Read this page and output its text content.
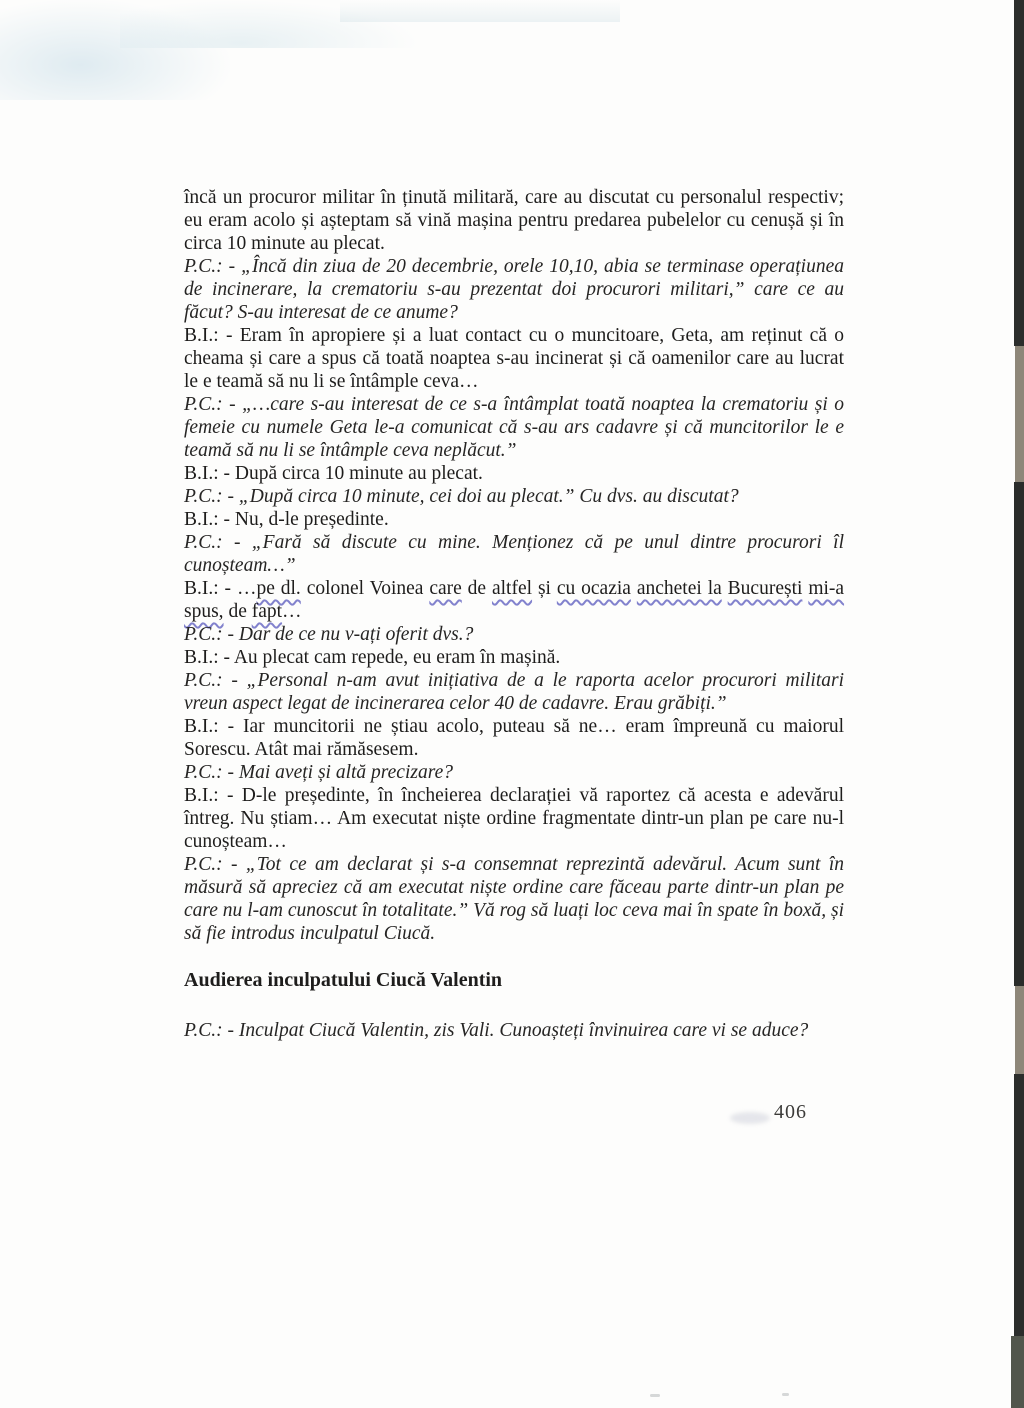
încă un procuror militar în ținută militară, care au discutat cu personalul respectiv; eu eram acolo și așteptam să vină mașina pentru predarea pubelelor cu cenușă și în circa 10 minute au plecat.

P.C.: - „Încă din ziua de 20 decembrie, orele 10,10, abia se terminase operațiunea de incinerare, la crematoriu s-au prezentat doi procurori militari,” care ce au făcut? S-au interesat de ce anume?

B.I.: - Eram în apropiere și a luat contact cu o muncitoare, Geta, am reținut că o cheama și care a spus că toată noaptea s-au incinerat și că oamenilor care au lucrat le e teamă să nu li se întâmple ceva…

P.C.: - „…care s-au interesat de ce s-a întâmplat toată noaptea la crematoriu și o femeie cu numele Geta le-a comunicat că s-au ars cadavre și că muncitorilor le e teamă să nu li se întâmple ceva neplăcut.”

B.I.: - După circa 10 minute au plecat.

P.C.: - „După circa 10 minute, cei doi au plecat.” Cu dvs. au discutat?

B.I.: - Nu, d-le președinte.

P.C.: - „Fară să discute cu mine. Menționez că pe unul dintre procurori îl cunoșteam…”

B.I.: - …pe dl. colonel Voinea care de altfel și cu ocazia anchetei la București mi-a spus, de fapt…

P.C.: - Dar de ce nu v-ați oferit dvs.?

B.I.: - Au plecat cam repede, eu eram în mașină.

P.C.: - „Personal n-am avut inițiativa de a le raporta acelor procurori militari vreun aspect legat de incinerarea celor 40 de cadavre. Erau grăbiți.”

B.I.: - Iar muncitorii ne știau acolo, puteau să ne… eram împreună cu maiorul Sorescu. Atât mai rămăsesem.

P.C.: - Mai aveți și altă precizare?

B.I.: - D-le președinte, în încheierea declarației vă raportez că acesta e adevărul întreg. Nu știam… Am executat niște ordine fragmentate dintr-un plan pe care nu-l cunoșteam…

P.C.: - „Tot ce am declarat și s-a consemnat reprezintă adevărul. Acum sunt în măsură să apreciez că am executat niște ordine care făceau parte dintr-un plan pe care nu l-am cunoscut în totalitate.” Vă rog să luați loc ceva mai în spate în boxă, și să fie introdus inculpatul Ciucă.

Audierea inculpatului Ciucă Valentin

P.C.: - Inculpat Ciucă Valentin, zis Vali. Cunoașteți învinuirea care vi se aduce?

406
